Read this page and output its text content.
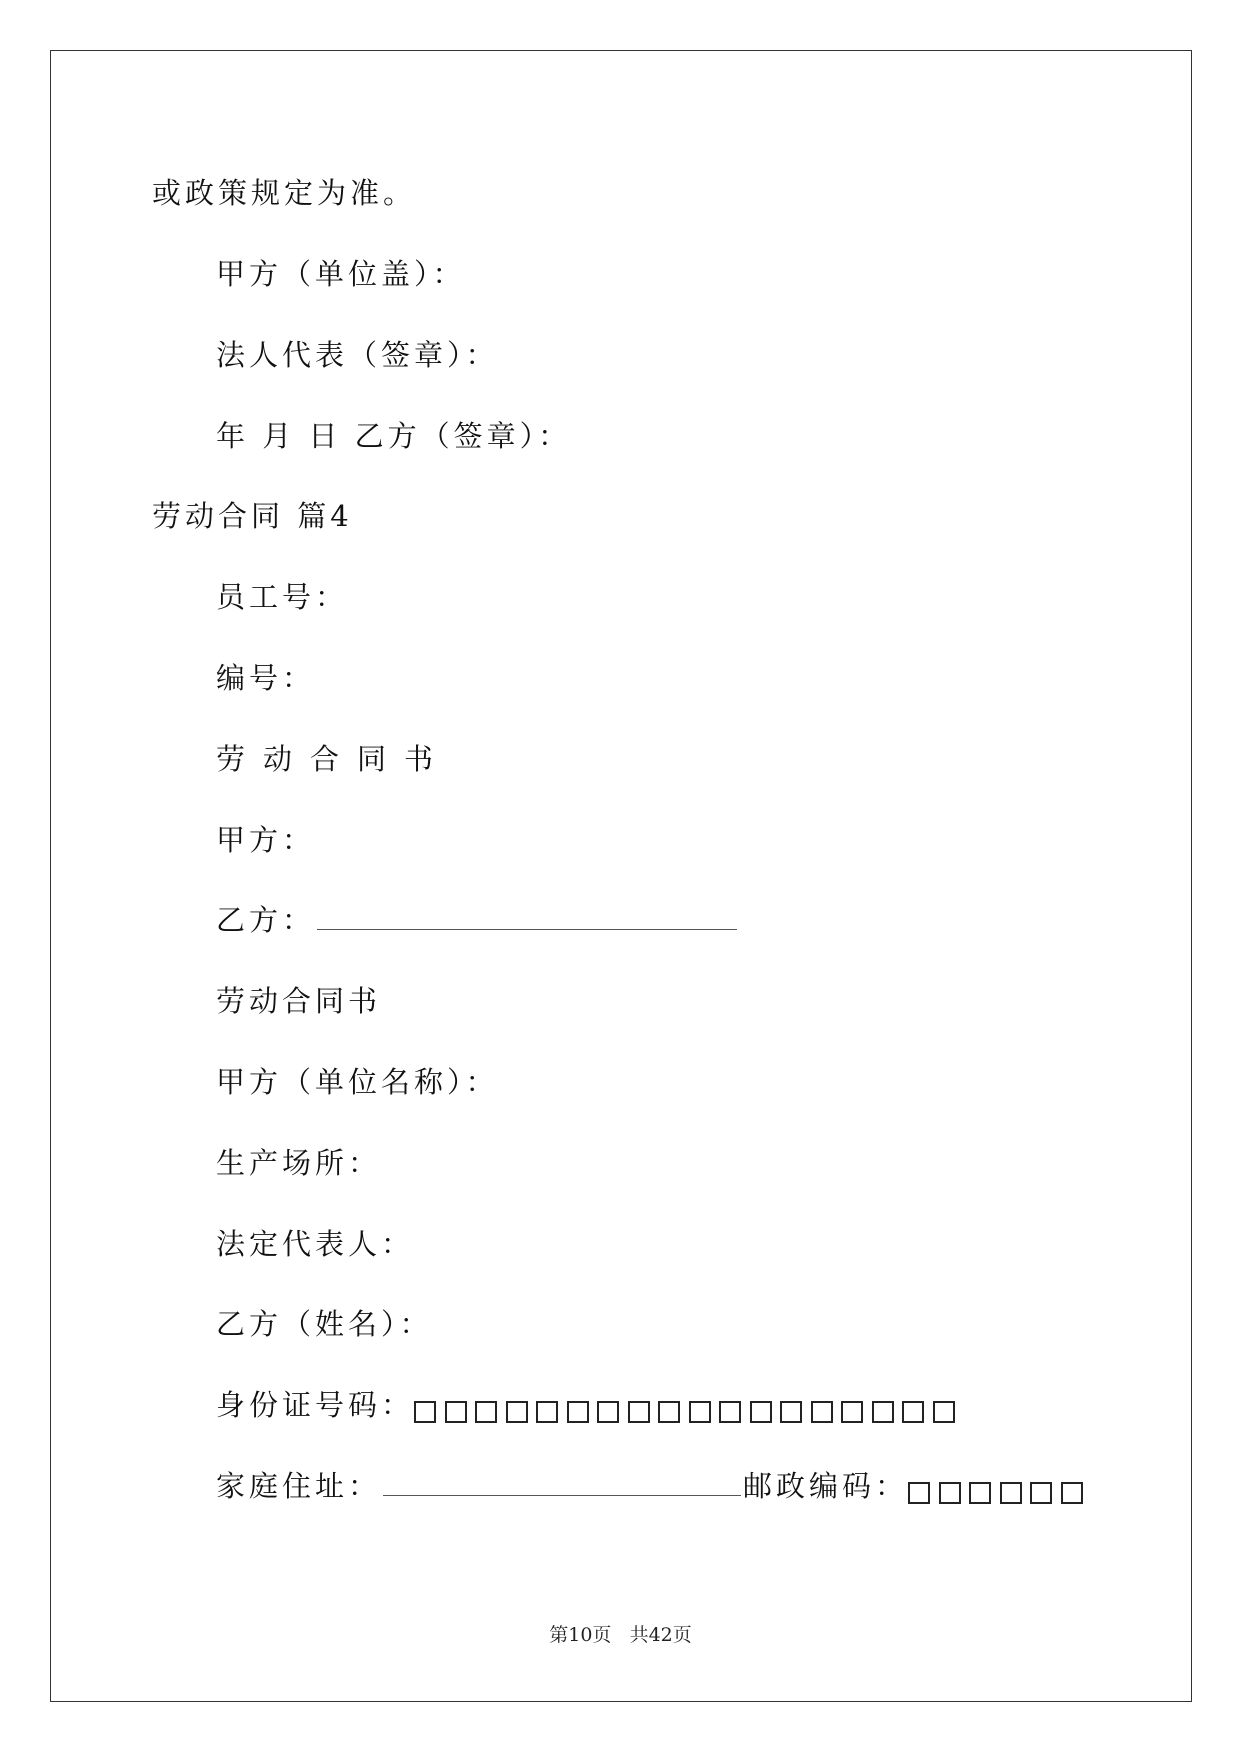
或政策规定为准。
甲方（单位盖）：
法人代表（签章）：
年 月 日 乙方（签章）：
劳动合同 篇4
员工号：
编号：
劳动合同书
甲方：
乙方：
劳动合同书
甲方（单位名称）：
生产场所：
法定代表人：
乙方（姓名）：
身份证号码：
家庭住址：	邮政编码：
第10页 共42页
